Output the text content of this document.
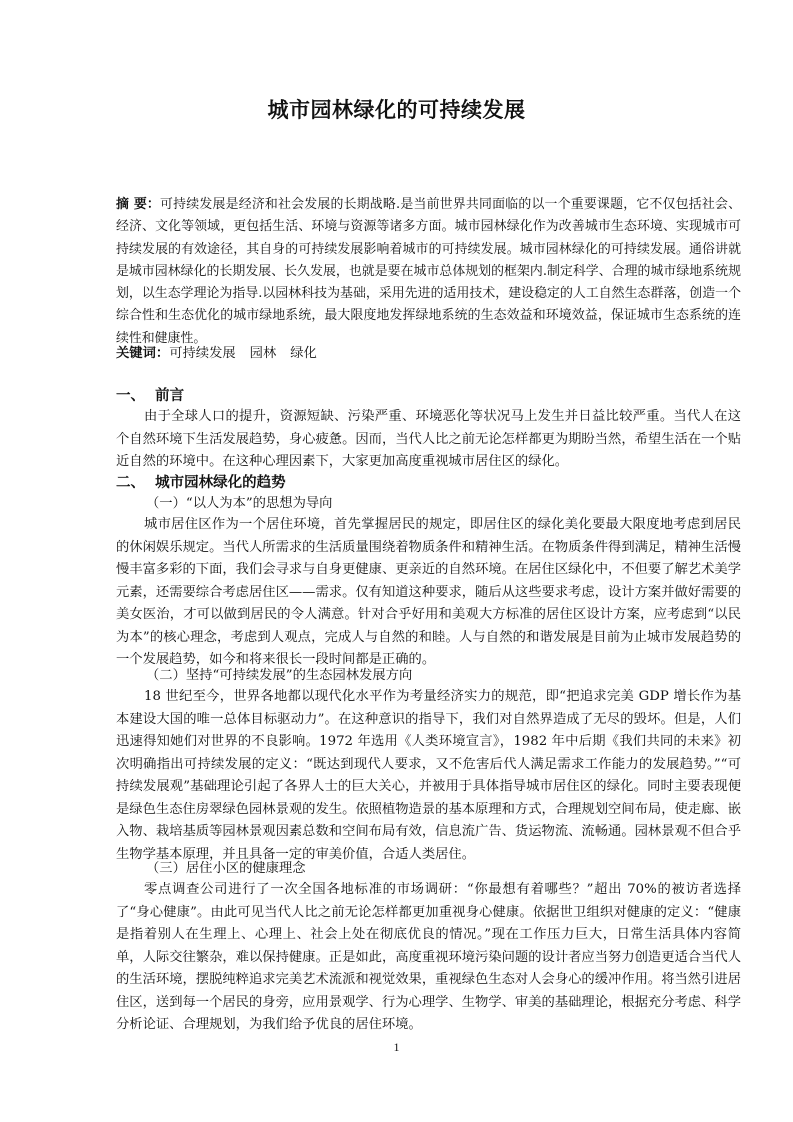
城市园林绿化的可持续发展
摘 要：可持续发展是经济和社会发展的长期战略.是当前世界共同面临的以一个重要课题，它不仅包括社会、经济、文化等领域，更包括生活、环境与资源等诸多方面。城市园林绿化作为改善城市生态环境、实现城市可持续发展的有效途径，其自身的可持续发展影响着城市的可持续发展。城市园林绿化的可持续发展。通俗讲就是城市园林绿化的长期发展、长久发展，也就是要在城市总体规划的框架内.制定科学、合理的城市绿地系统规划，以生态学理论为指导.以园林科技为基础，采用先进的适用技术，建设稳定的人工自然生态群落，创造一个综合性和生态优化的城市绿地系统，最大限度地发挥绿地系统的生态效益和环境效益，保证城市生态系统的连续性和健康性。
关键词：可持续发展 园林 绿化
一、  前言
由于全球人口的提升，资源短缺、污染严重、环境恶化等状况马上发生并日益比较严重。当代人在这个自然环境下生活发展趋势，身心疲惫。因而，当代人比之前无论怎样都更为期盼当然，希望生活在一个贴近自然的环境中。在这种心理因素下，大家更加高度重视城市居住区的绿化。
二、  城市园林绿化的趋势
（一）“以人为本”的思想为导向
城市居住区作为一个居住环境，首先掌握居民的规定，即居住区的绿化美化要最大限度地考虑到居民的休闲娱乐规定。当代人所需求的生活质量围绕着物质条件和精神生活。在物质条件得到满足，精神生活慢慢丰富多彩的下面，我们会寻求与自身更健康、更亲近的自然环境。在居住区绿化中，不但要了解艺术美学元素，还需要综合考虑居住区——需求。仅有知道这种要求，随后从这些要求考虑，设计方案并做好需要的美女医治，才可以做到居民的令人满意。针对合乎好用和美观大方标准的居住区设计方案，应考虑到“以民为本”的核心理念，考虑到人观点，完成人与自然的和睦。人与自然的和谐发展是目前为止城市发展趋势的一个发展趋势，如今和将来很长一段时间都是正确的。
（二）坚持“可持续发展”的生态园林发展方向
18 世纪至今，世界各地都以现代化水平作为考量经济实力的规范，即“把追求完美 GDP 增长作为基本建设大国的唯一总体目标驱动力”。在这种意识的指导下，我们对自然界造成了无尽的毁坏。但是，人们迅速得知她们对世界的不良影响。1972 年选用《人类环境宣言》，1982 年中后期《我们共同的未来》初次明确指出可持续发展的定义：“既达到现代人要求，又不危害后代人满足需求工作能力的发展趋势。”“可持续发展观”基础理论引起了各界人士的巨大关心，并被用于具体指导城市居住区的绿化。同时主要表现便是绿色生态住房翠绿色园林景观的发生。依照植物造景的基本原理和方式，合理规划空间布局，使走廊、嵌入物、栽培基质等园林景观因素总数和空间布局有效，信息流广告、货运物流、流畅通。园林景观不但合乎生物学基本原理，并且具备一定的审美价值，合适人类居住。
（三）居住小区的健康理念
零点调查公司进行了一次全国各地标准的市场调研：“你最想有着哪些？”超出 70%的被访者选择了“身心健康”。由此可见当代人比之前无论怎样都更加重视身心健康。依据世卫组织对健康的定义：“健康是指着别人在生理上、心理上、社会上处在彻底优良的情况。”现在工作压力巨大，日常生活具体内容简单，人际交往繁杂，难以保持健康。正是如此，高度重视环境污染问题的设计者应当努力创造更适合当代人的生活环境，摆脱纯粹追求完美艺术流派和视觉效果，重视绿色生态对人会身心的缓冲作用。将当然引进居住区，送到每一个居民的身旁，应用景观学、行为心理学、生物学、审美的基础理论，根据充分考虑、科学分析论证、合理规划，为我们给予优良的居住环境。
1
